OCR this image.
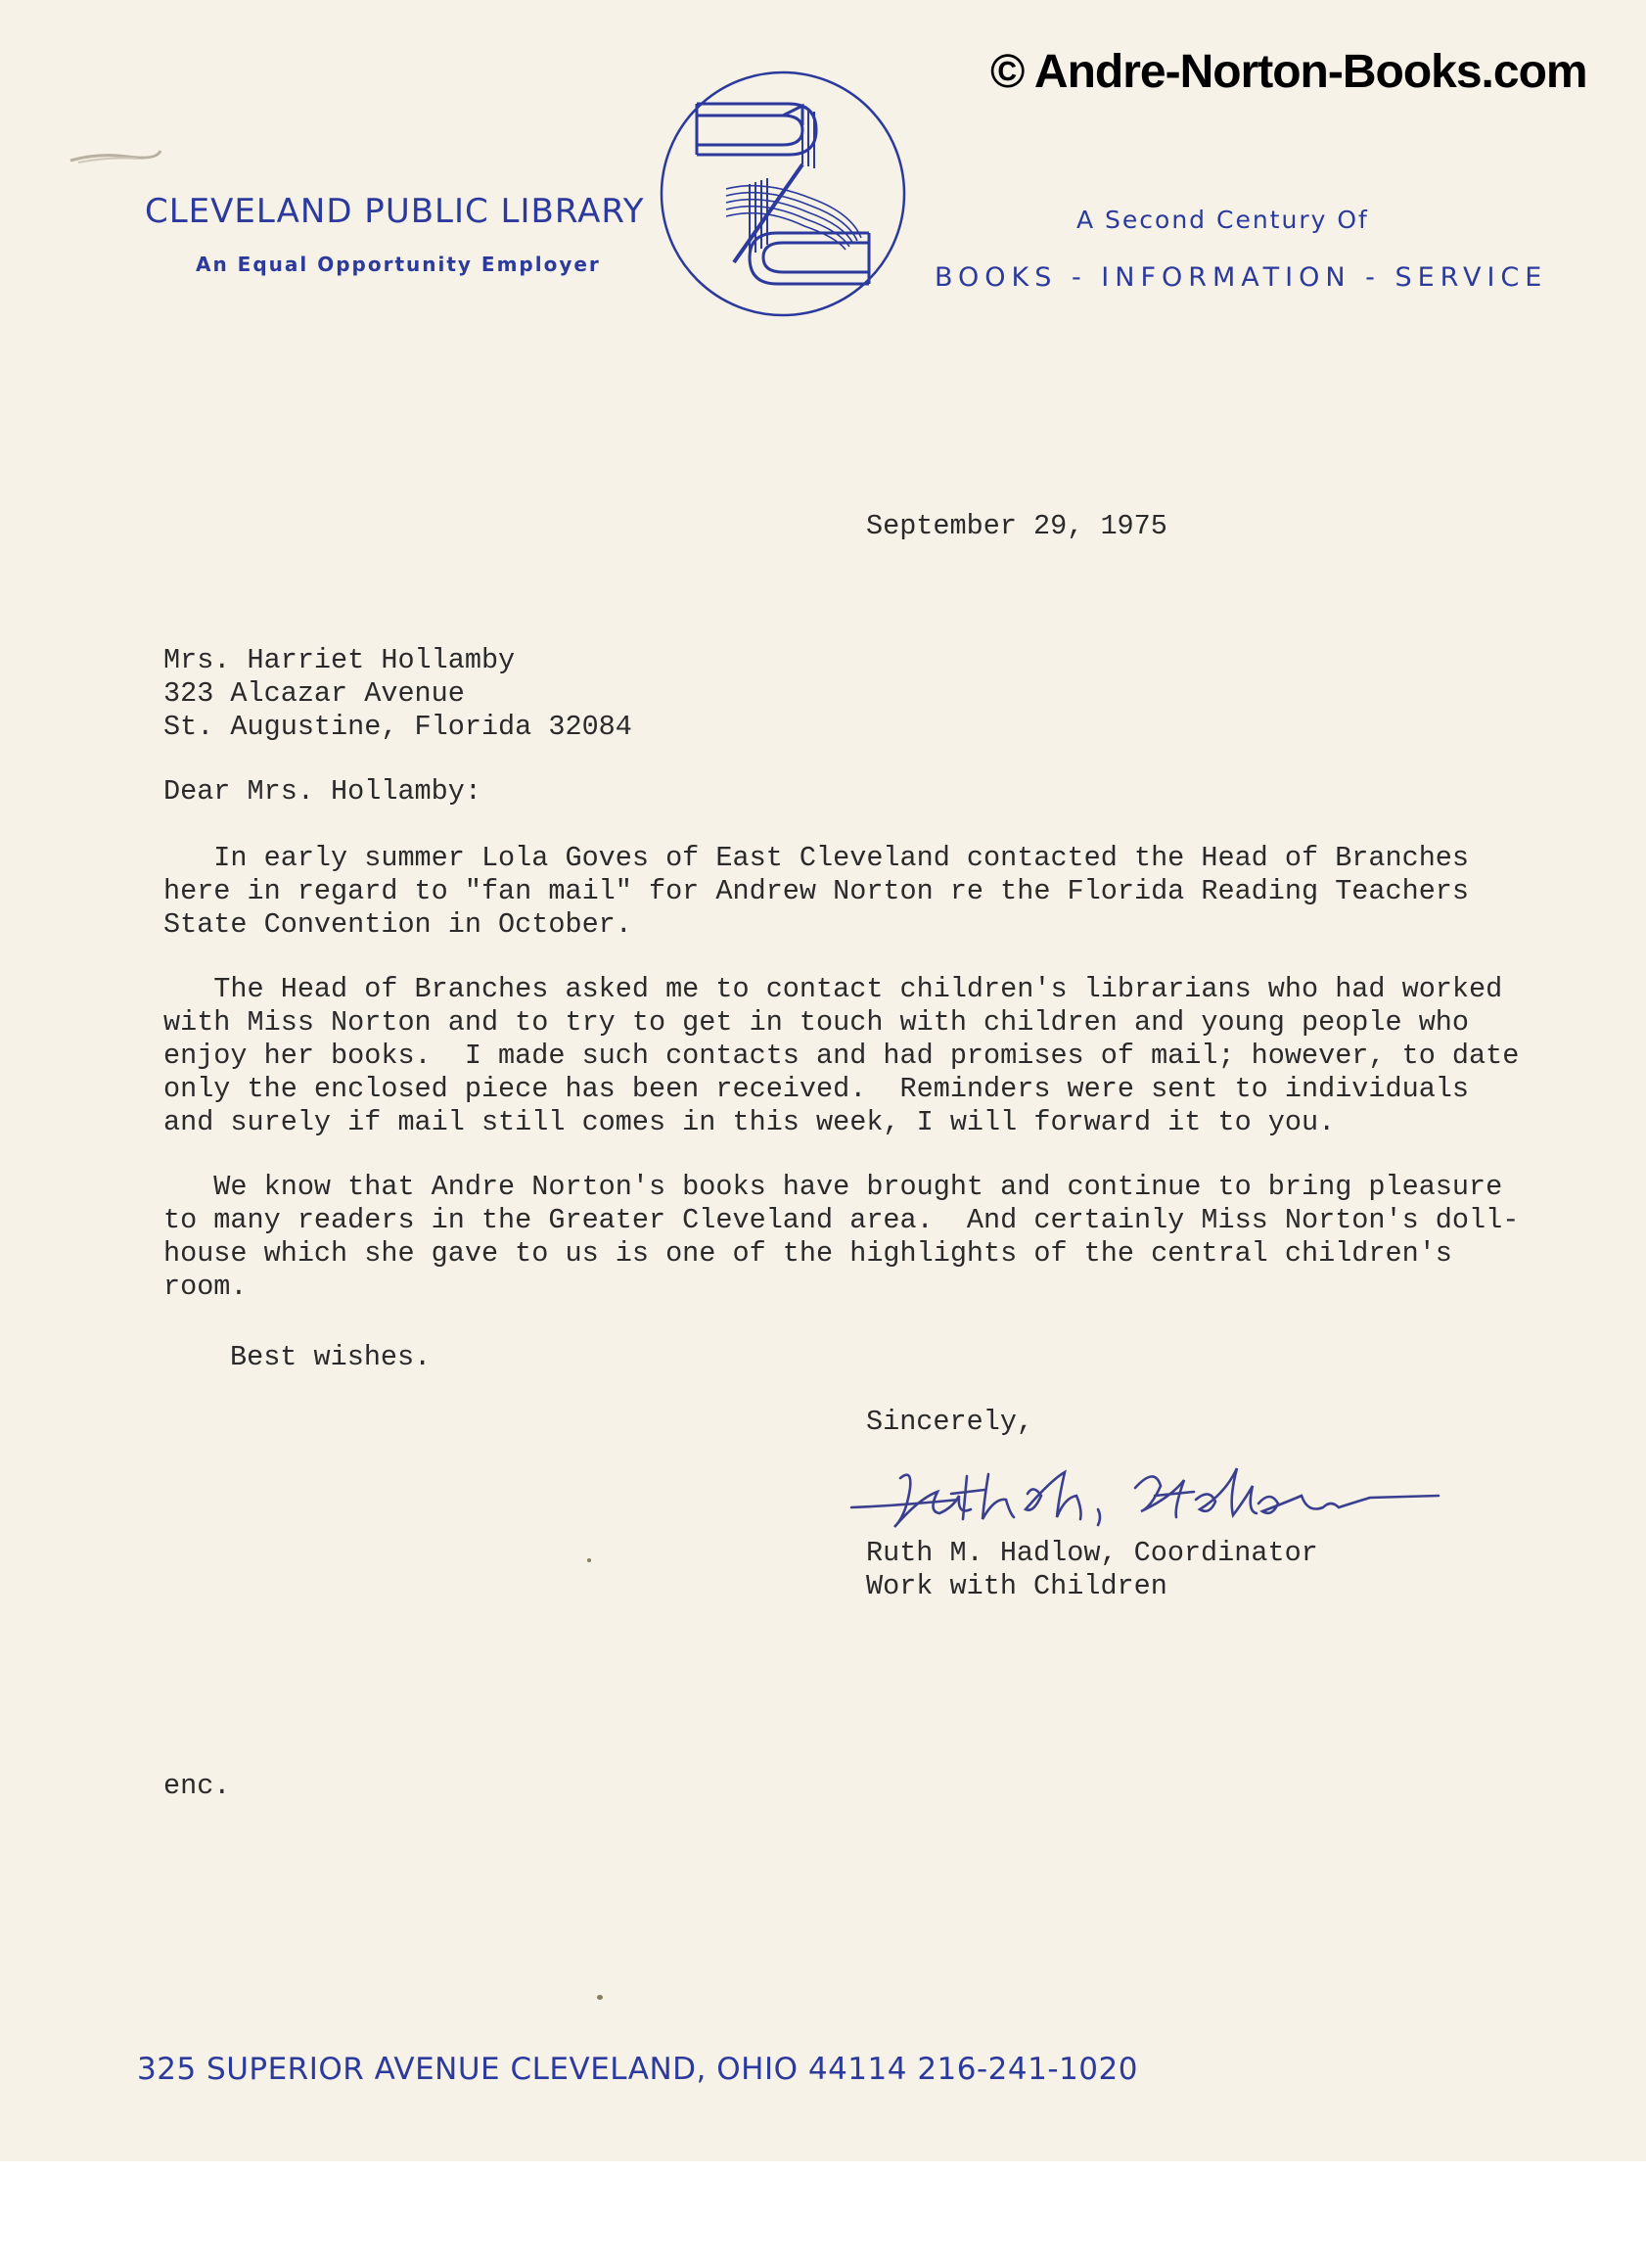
© Andre-Norton-Books.com
CLEVELAND PUBLIC LIBRARY
An Equal Opportunity Employer
A Second Century Of
BOOKS - INFORMATION - SERVICE
September 29, 1975
Mrs. Harriet Hollamby
323 Alcazar Avenue
St. Augustine, Florida 32084
Dear Mrs. Hollamby:
In early summer Lola Goves of East Cleveland contacted the Head of Branches
here in regard to "fan mail" for Andrew Norton re the Florida Reading Teachers
State Convention in October.
The Head of Branches asked me to contact children's librarians who had worked
with Miss Norton and to try to get in touch with children and young people who
enjoy her books.  I made such contacts and had promises of mail; however, to date
only the enclosed piece has been received.  Reminders were sent to individuals
and surely if mail still comes in this week, I will forward it to you.
We know that Andre Norton's books have brought and continue to bring pleasure
to many readers in the Greater Cleveland area.  And certainly Miss Norton's doll-
house which she gave to us is one of the highlights of the central children's
room.
Best wishes.
Sincerely,
Ruth M. Hadlow, Coordinator
Work with Children
enc.
325 SUPERIOR AVENUE CLEVELAND, OHIO 44114 216-241-1020
